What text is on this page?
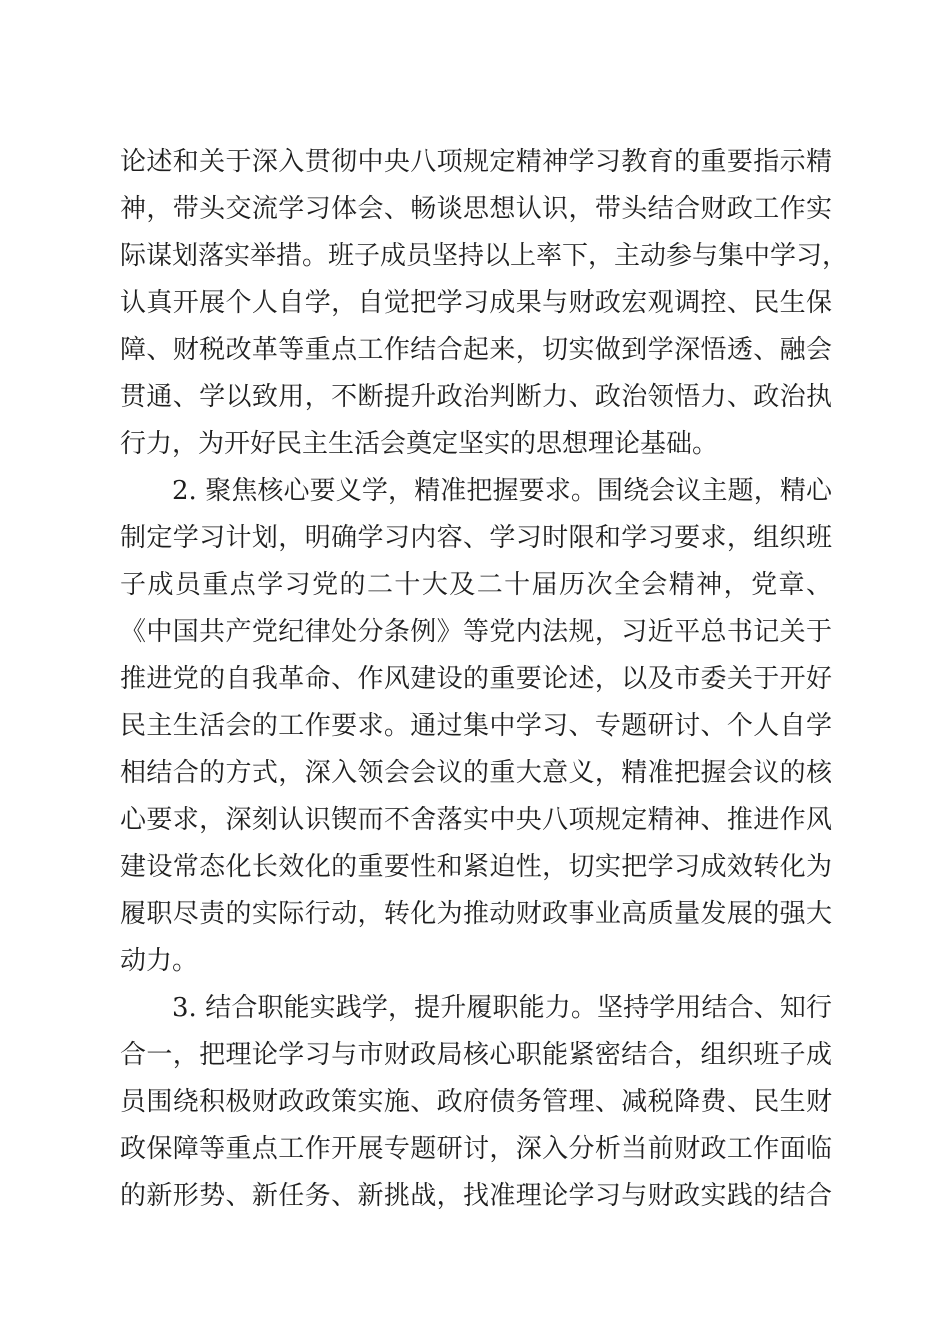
论述和关于深入贯彻中央八项规定精神学习教育的重要指示精
神，带头交流学习体会、畅谈思想认识，带头结合财政工作实
际谋划落实举措。班子成员坚持以上率下，主动参与集中学习，
认真开展个人自学，自觉把学习成果与财政宏观调控、民生保
障、财税改革等重点工作结合起来，切实做到学深悟透、融会
贯通、学以致用，不断提升政治判断力、政治领悟力、政治执
行力，为开好民主生活会奠定坚实的思想理论基础。
2. 聚焦核心要义学，精准把握要求。围绕会议主题，精心
制定学习计划，明确学习内容、学习时限和学习要求，组织班
子成员重点学习党的二十大及二十届历次全会精神，党章、
《中国共产党纪律处分条例》等党内法规，习近平总书记关于
推进党的自我革命、作风建设的重要论述，以及市委关于开好
民主生活会的工作要求。通过集中学习、专题研讨、个人自学
相结合的方式，深入领会会议的重大意义，精准把握会议的核
心要求，深刻认识锲而不舍落实中央八项规定精神、推进作风
建设常态化长效化的重要性和紧迫性，切实把学习成效转化为
履职尽责的实际行动，转化为推动财政事业高质量发展的强大
动力。
3. 结合职能实践学，提升履职能力。坚持学用结合、知行
合一，把理论学习与市财政局核心职能紧密结合，组织班子成
员围绕积极财政政策实施、政府债务管理、减税降费、民生财
政保障等重点工作开展专题研讨，深入分析当前财政工作面临
的新形势、新任务、新挑战，找准理论学习与财政实践的结合
